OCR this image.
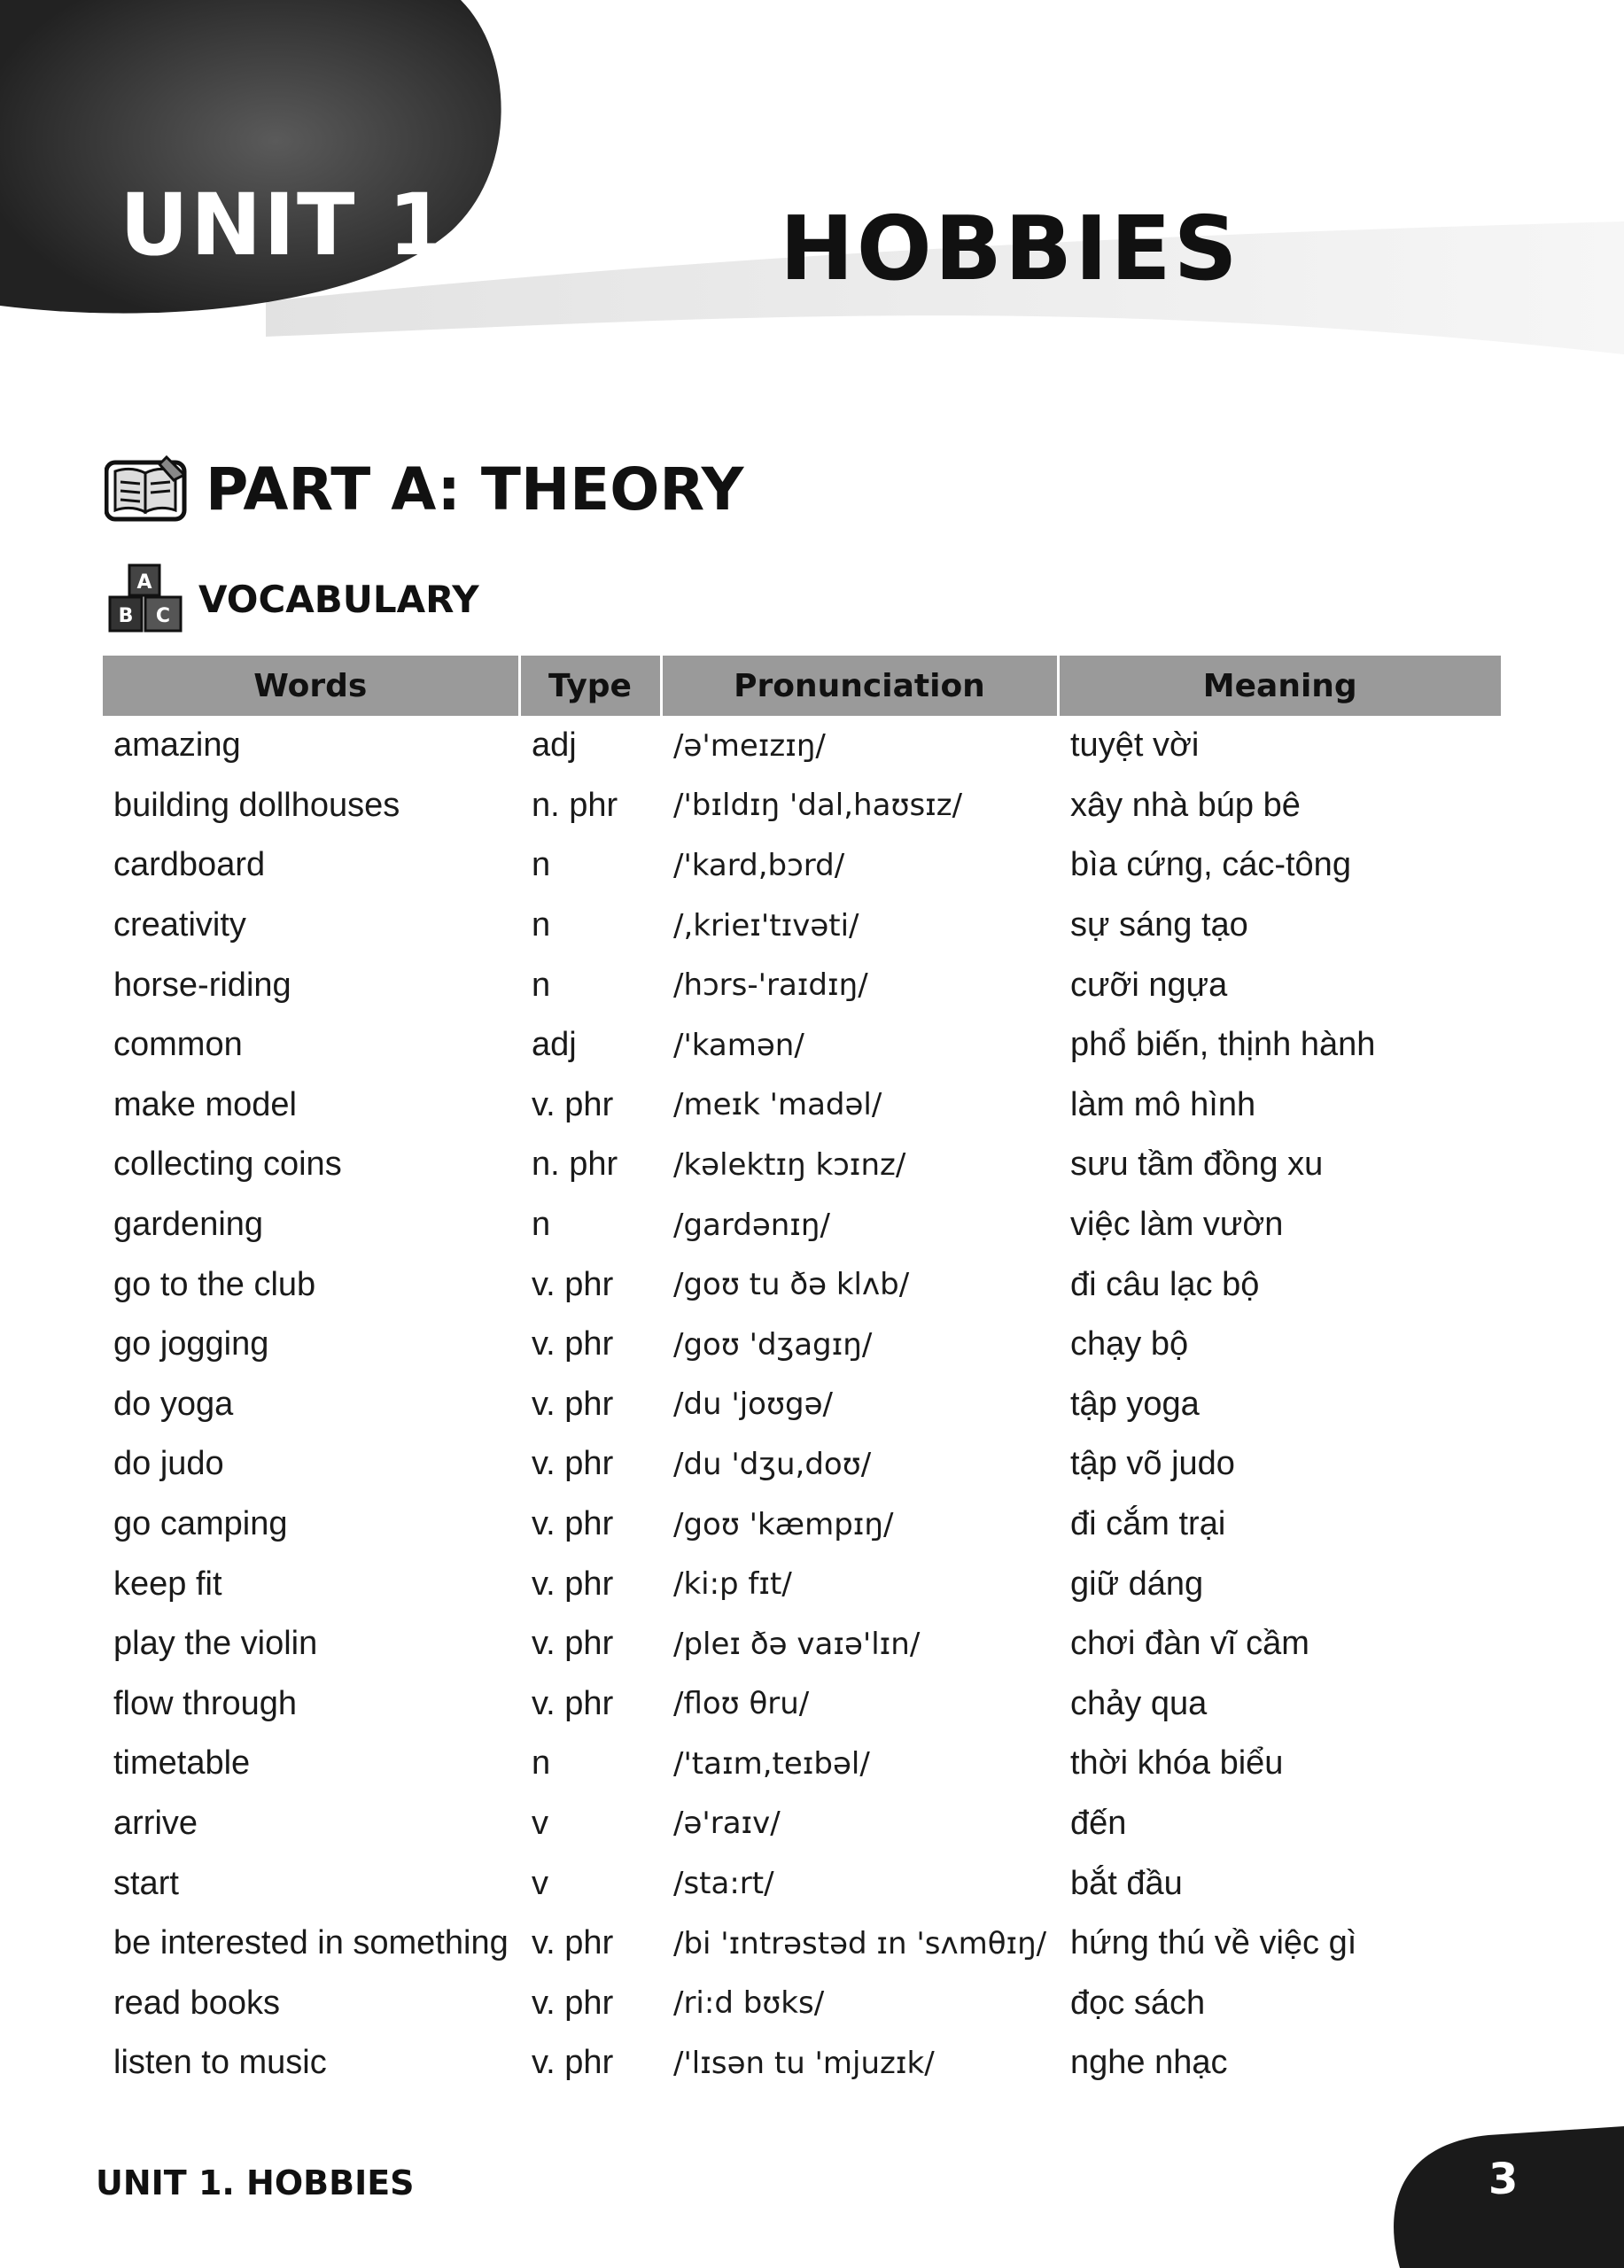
UNIT 1	HOBBIES
PART A: THEORY
A
B C VOCABULARY
Words	Type	Pronunciation	Meaning
amazing	adj	/ə'meɪzɪŋ/	tuyệt vời
building dollhouses	n. phr	/'bɪldɪŋ 'dal,haʊsɪz/	xây nhà búp bê
cardboard	n	/'kard,bɔrd/	bìa cứng, các-tông
creativity	n	/,krieɪ'tɪvəti/	sự sáng tạo
horse-riding	n	/hɔrs-'raɪdɪŋ/	cưỡi ngựa
common	adj	/'kamən/	phổ biến, thịnh hành
make model	v. phr	/meɪk 'madəl/	làm mô hình
collecting coins	n. phr	/kəlektɪŋ kɔɪnz/	sưu tầm đồng xu
gardening	n	/gardənɪŋ/	việc làm vườn
go to the club	v. phr	/goʊ tu ðə klʌb/	đi câu lạc bộ
go jogging	v. phr	/goʊ 'dʒagɪŋ/	chạy bộ
do yoga	v. phr	/du 'joʊgə/	tập yoga
do judo	v. phr	/du 'dʒu,doʊ/	tập võ judo
go camping	v. phr	/goʊ 'kæmpɪŋ/	đi cắm trại
keep fit	v. phr	/ki:p fɪt/	giữ dáng
play the violin	v. phr	/pleɪ ðə vaɪə'lɪn/	chơi đàn vĩ cầm
flow through	v. phr	/floʊ θru/	chảy qua
timetable	n	/'taɪm,teɪbəl/	thời khóa biểu
arrive	v	/ə'raɪv/	đến
start	v	/sta:rt/	bắt đầu
be interested in something	v. phr	/bi 'ɪntrəstəd ɪn 'sʌmθɪŋ/	hứng thú về việc gì
read books	v. phr	/ri:d bʊks/	đọc sách
listen to music	v. phr	/'lɪsən tu 'mjuzɪk/	nghe nhạc
UNIT 1. HOBBIES	3
